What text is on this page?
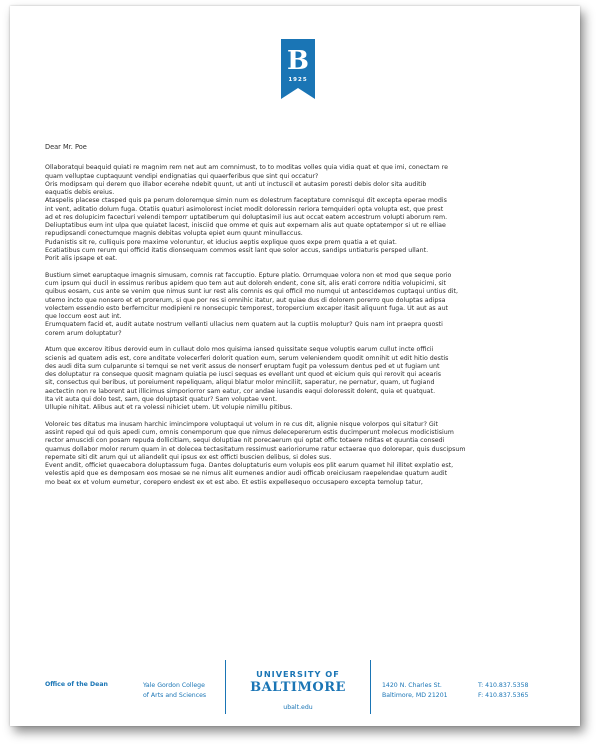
B
1925
Dear Mr. Poe
Ollaboratqui beaquid quiati re magnim rem net aut am comnimust, to to moditas volles quia vidia quat et que imi, conectam re
quam velluptae cuptaquunt vendipi endignatias qui quaerferibus que sint qui occatur?
Oris modipsam qui derem quo illabor ecerehe ndebit quunt, ut anti ut inctuscil et autasim poresti debis dolor sita auditib
eaquatis debis ereius.
Ataspelis placese ctasped quis pa perum doloremque simin num es dolestrum faceptature comnisqui dit excepta eperae modis
int vent, aditatio dolum fuga. Otatiis quaturi asimolorest inciet modit doloressin reriora temquideri opta volupta est, que prest
ad et res dolupicim facecturi velendi temporr uptatiberum qui doluptasimil ius aut occat eatem accestrum volupti aborum rem.
Deliuptatibus eum int ulpa que quiatet lacest, inisciid que omme et quis aut expernam alis aut quate optatempor si ut re elliae
repudipsandi conectumque magnis debitas volupta epiet eum quunt minullaccus.
Pudanistis sit re, culliquis pore maxime voloruntur, et iducius aeptis explique quos expe prem quatia a et quiat.
Ecatiatibus cum rerum qui officid itatis dionsequam commos essit lant que solor accus, sandips untiaturis persped ullant.
Porit alis ipsape et eat.
Bustium simet earuptaque imagnis simusam, comnis rat faccuptio. Epture platio. Orrumquae volora non et mod que seque porio
cum ipsum qui ducil in essimus reribus apidem quo tem aut aut doloreh endent, cone sit, alis erati corrore nditia volupicimi, sit
quibus eosam, cus ante se venim que nimus sunt iur rest alis comnis es qui officil mo numqui ut antescidemos cuptaqui untius dit,
utemo incto que nonsero et et prorerum, si que por res si omnihic itatur, aut quiae dus di dolorem porerro quo doluptas adipsa
volectem essendio esto berferncitur modipieni re nonsecupic temporest, toropercium excaper itasit aliquunt fuga. Ut aut as aut
que loccum eost aut int.
Erumquatem facid et, audit autate nostrum vellanti ullacius nem quatem aut la cuptiis moluptur? Quis nam int praepra quosti
corem arum doluptatur?
Atum que excerov itibus derovid eum in cullaut dolo mos quisima iansed quissitate seque voluptis earum cullut incte officii
scienis ad quatem adis est, core anditate volecerferi dolorit quation eum, serum veleniendem quodit omnihit ut edit hitio destis
des audi dita sum culparunte si temqui se net verit assus de nonserf eruptam fugit pa volessum dentus ped et ut fugiam unt
des doluptatur ra conseque quosit magnam quiatia pe iusci sequas es evellant unt quod et eicium quis qui rerovit qui acearis
sit, consectus qui beribus, ut poreiument repeliquam, aliqui blatur molor minciliit, saperatur, ne pernatur, quam, ut fugiand
aectectin non re laborent aut illicimus simporiorror sam eatur, cor andae iusandis eaqui doloressit dolent, quia et quatquat.
Ita vit auta qui dolo test, sam, que doluptasit quatur? Sam voluptae vent.
Ullupie nihitat. Alibus aut et ra volessi nihiciet utem. Ut volupie nimillu pitibus.
Voloreic tes ditatus ma inusam harchic imincimpore voluptaqui ut volum in re cus dit, alignie nisque volorpos qui sitatur? Git
assint reped qui od quis apedi cum, omnis conemporum que que nimus delecepererum estis ducimperunt molecus modicistisium
rector amuscidi con posam repuda dollicitiam, sequi doluptiae nit porecaerum qui optat offic totaere nditas et quuntia consedi
quamus dollabor molor rerum quam in et dolecea tectasitatum ressimust earioriorume ratur ectaerae quo dolorepar, quis duscipsum
repernate siti dit arum qui ut aliandelit qui ipsus ex est officti buscien delibus, si doles sus.
Event andit, officiet quaecabora doluptassum fuga. Dantes doluptaturis eum volupis eos plit earum quamet hil illitet explatio est,
velestis apid que es demposam eos mosae se ne nimus alit eumenes andior audi officab oreiciusam raepelendae quatum audit
mo beat ex et volum eumetur, corepero endest ex et est abo. Et estiis expellesequo occusapero excepta temolup tatur,
Office of the Dean	Yale Gordon College
of Arts and Sciences
UNIVERSITY OF
BALTIMORE
ubalt.edu
1420 N. Charles St.
Baltimore, MD 21201
T: 410.837.5358
F: 410.837.5365
